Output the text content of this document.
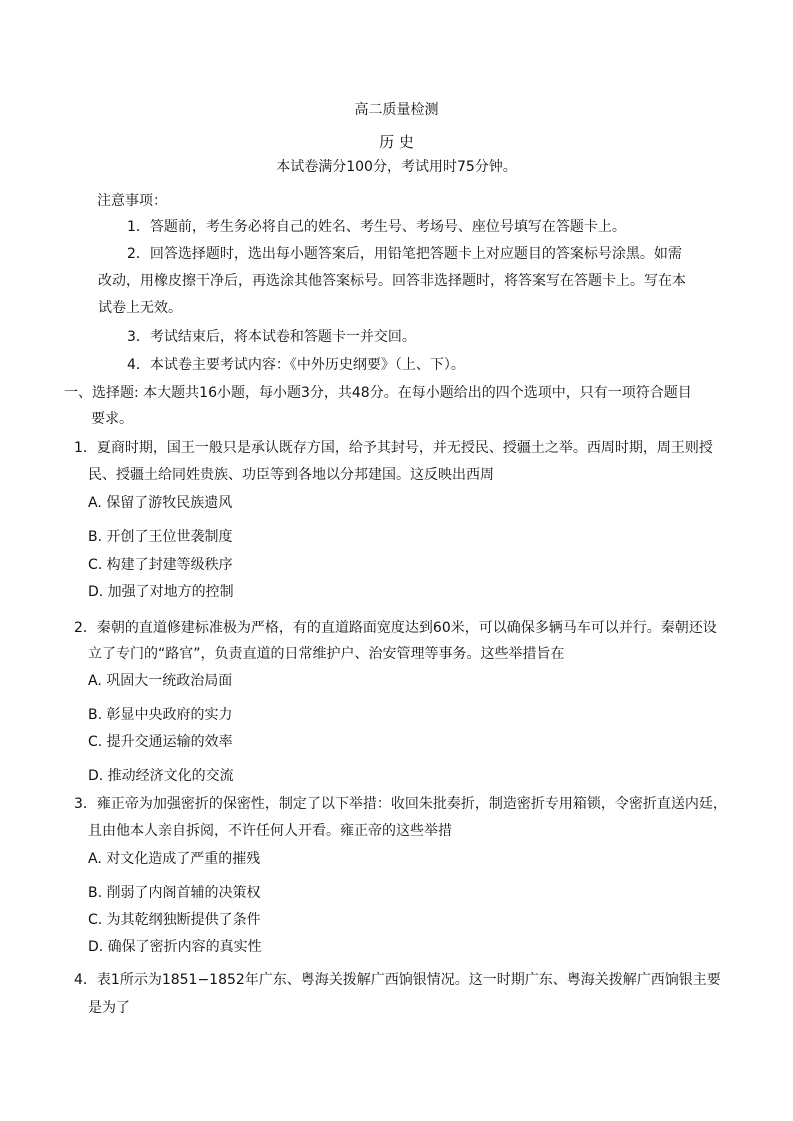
高二质量检测
历 史
本试卷满分100分，考试用时75分钟。
注意事项：
1．答题前，考生务必将自己的姓名、考生号、考场号、座位号填写在答题卡上。
2．回答选择题时，选出每小题答案后，用铅笔把答题卡上对应题目的答案标号涂黑。如需
改动，用橡皮擦干净后，再选涂其他答案标号。回答非选择题时，将答案写在答题卡上。写在本
试卷上无效。
3．考试结束后，将本试卷和答题卡一并交回。
4．本试卷主要考试内容：《中外历史纲要》（上、下）。
一、选择题: 本大题共16小题，每小题3分，共48分。在每小题给出的四个选项中，只有一项符合题目
要求。
1．夏商时期，国王一般只是承认既存方国，给予其封号，并无授民、授疆土之举。西周时期，周王则授
民、授疆土给同姓贵族、功臣等到各地以分邦建国。这反映出西周
A. 保留了游牧民族遗风
B. 开创了王位世袭制度
C. 构建了封建等级秩序
D. 加强了对地方的控制
2．秦朝的直道修建标准极为严格，有的直道路面宽度达到60米，可以确保多辆马车可以并行。秦朝还设
立了专门的“路官”，负责直道的日常维护户、治安管理等事务。这些举措旨在
A. 巩固大一统政治局面
B. 彰显中央政府的实力
C. 提升交通运输的效率
D. 推动经济文化的交流
3．雍正帝为加强密折的保密性，制定了以下举措：收回朱批奏折，制造密折专用箱锁，令密折直送内廷，
且由他本人亲自拆阅，不许任何人开看。雍正帝的这些举措
A. 对文化造成了严重的摧残
B. 削弱了内阁首辅的决策权
C. 为其乾纲独断提供了条件
D. 确保了密折内容的真实性
4．表1所示为1851−1852年广东、粤海关拨解广西饷银情况。这一时期广东、粤海关拨解广西饷银主要
是为了
